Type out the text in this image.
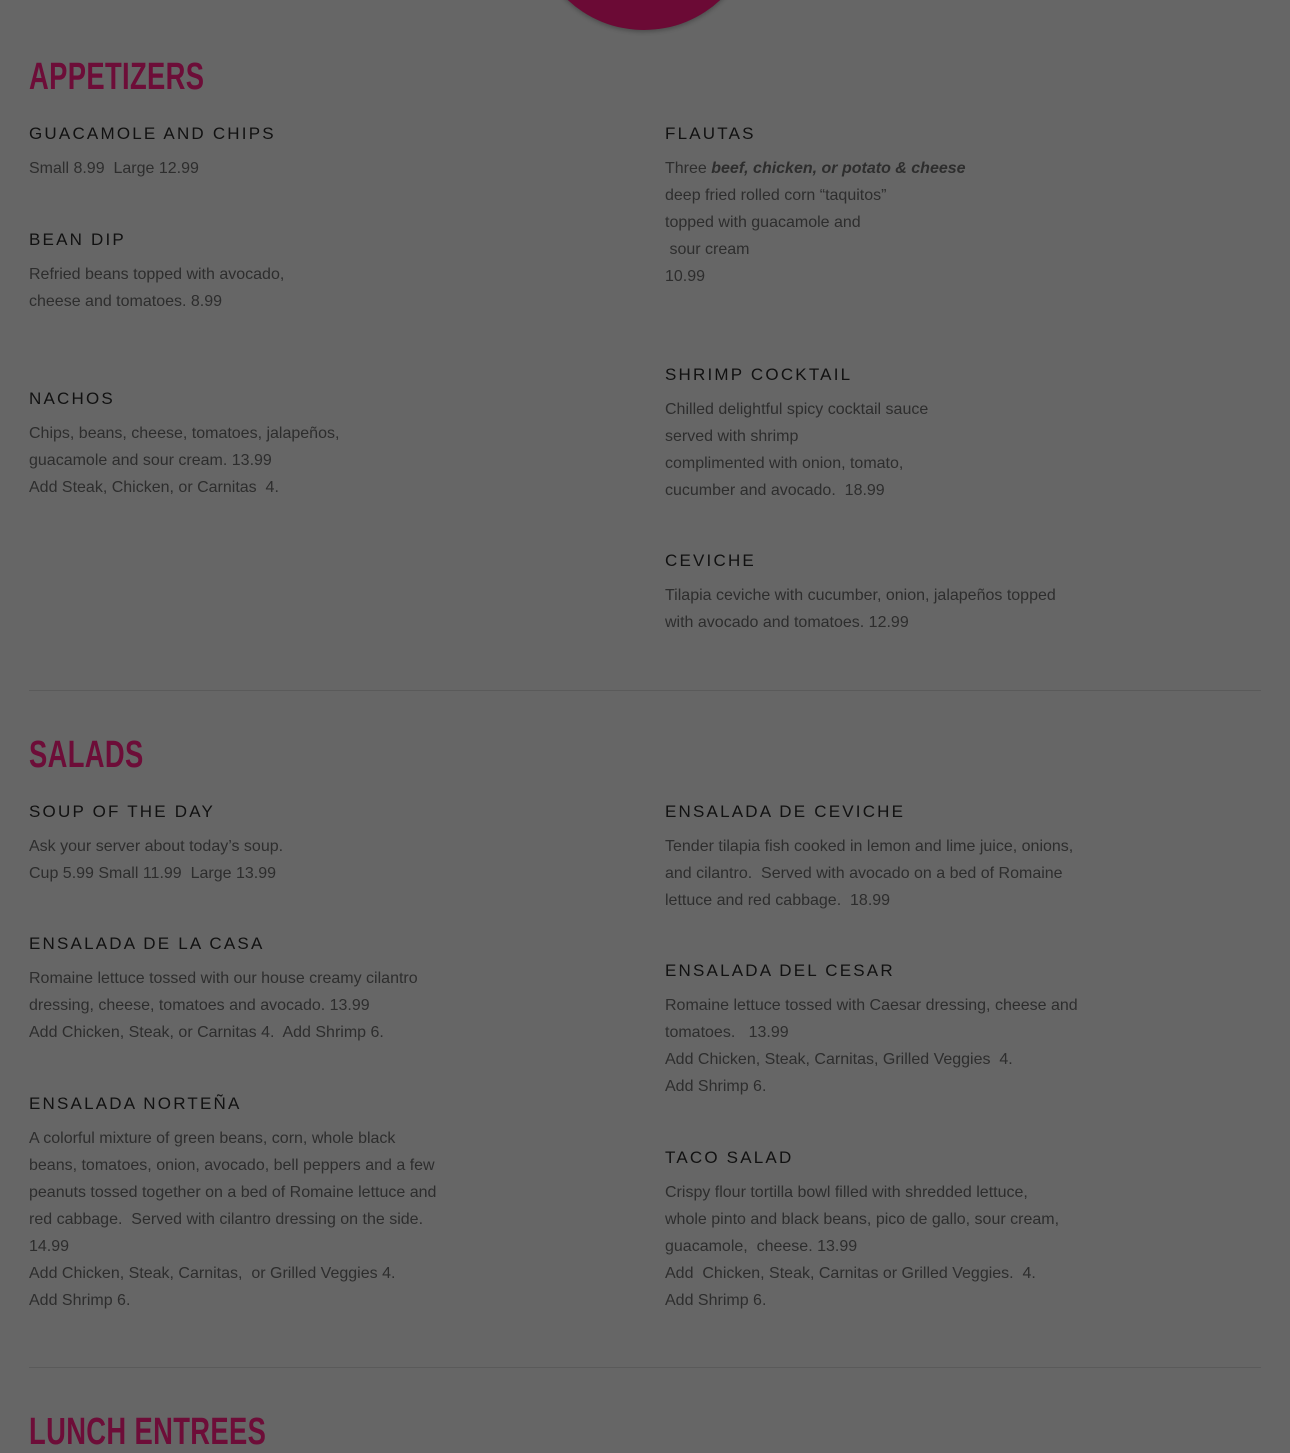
APPETIZERS
GUACAMOLE AND CHIPS
Small 8.99  Large 12.99
BEAN DIP
Refried beans topped with avocado,
cheese and tomatoes. 8.99
NACHOS
Chips, beans, cheese, tomatoes, jalapeños,
guacamole and sour cream. 13.99
Add Steak, Chicken, or Carnitas  4.
FLAUTAS
Three beef, chicken, or potato & cheese
deep fried rolled corn “taquitos”
topped with guacamole and
sour cream
10.99
SHRIMP COCKTAIL
Chilled delightful spicy cocktail sauce
served with shrimp
complimented with onion, tomato,
cucumber and avocado.  18.99
CEVICHE
Tilapia ceviche with cucumber, onion, jalapeños topped
with avocado and tomatoes. 12.99
SALADS
SOUP OF THE DAY
Ask your server about today’s soup.
Cup 5.99 Small 11.99  Large 13.99
ENSALADA DE LA CASA
Romaine lettuce tossed with our house creamy cilantro
dressing, cheese, tomatoes and avocado. 13.99
Add Chicken, Steak, or Carnitas 4.  Add Shrimp 6.
ENSALADA NORTEÑA
A colorful mixture of green beans, corn, whole black
beans, tomatoes, onion, avocado, bell peppers and a few
peanuts tossed together on a bed of Romaine lettuce and
red cabbage.  Served with cilantro dressing on the side.
14.99
Add Chicken, Steak, Carnitas,  or Grilled Veggies 4.
Add Shrimp 6.
ENSALADA DE CEVICHE
Tender tilapia fish cooked in lemon and lime juice, onions,
and cilantro.  Served with avocado on a bed of Romaine
lettuce and red cabbage.  18.99
ENSALADA DEL CESAR
Romaine lettuce tossed with Caesar dressing, cheese and
tomatoes.   13.99
Add Chicken, Steak, Carnitas, Grilled Veggies  4.
Add Shrimp 6.
TACO SALAD
Crispy flour tortilla bowl filled with shredded lettuce,
whole pinto and black beans, pico de gallo, sour cream,
guacamole,  cheese. 13.99
Add  Chicken, Steak, Carnitas or Grilled Veggies.  4.
Add Shrimp 6.
LUNCH ENTREES
